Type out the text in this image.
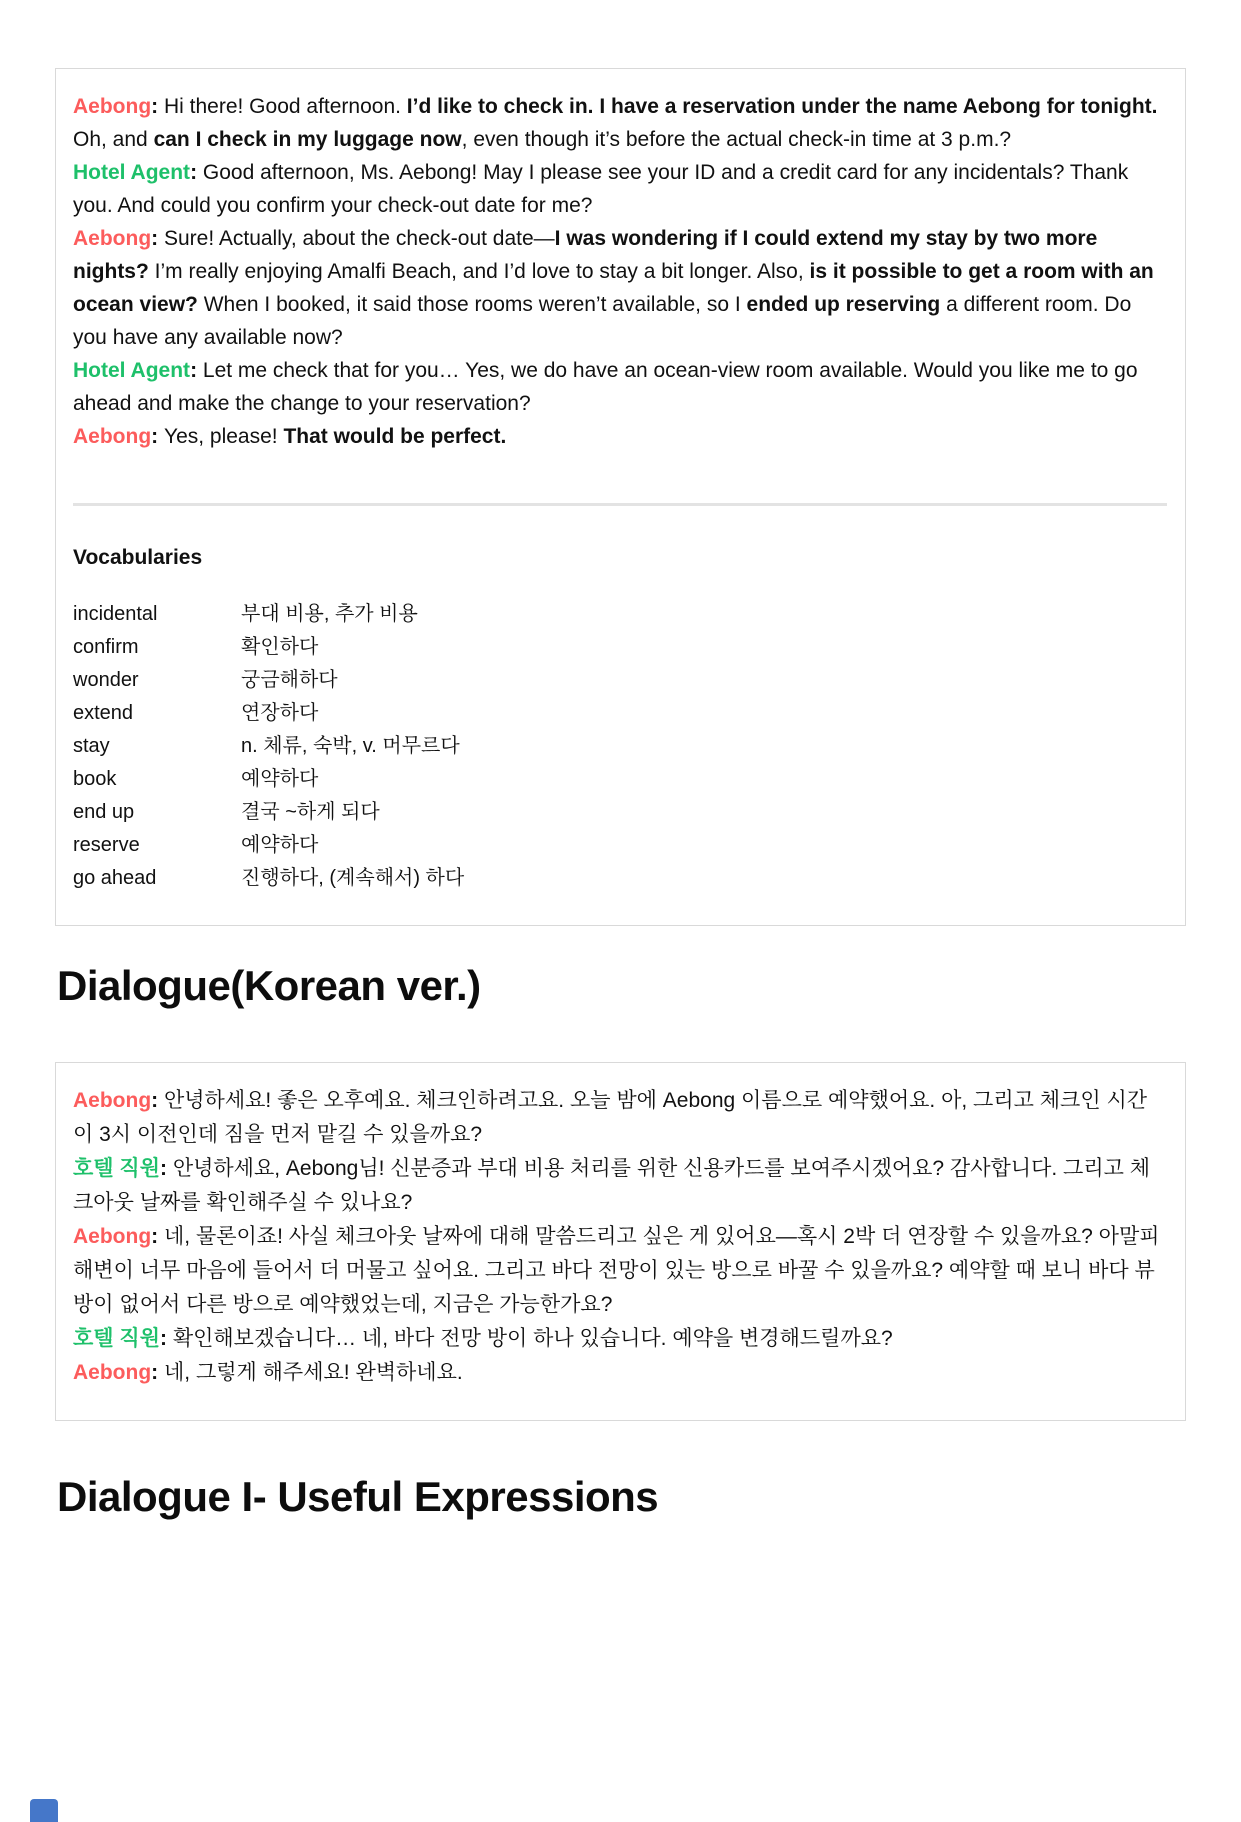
Aebong: Hi there! Good afternoon. I’d like to check in. I have a reservation under the name Aebong for tonight. Oh, and can I check in my luggage now, even though it’s before the actual check-in time at 3 p.m.?

Hotel Agent: Good afternoon, Ms. Aebong! May I please see your ID and a credit card for any incidentals? Thank you. And could you confirm your check-out date for me?

Aebong: Sure! Actually, about the check-out date—I was wondering if I could extend my stay by two more nights? I’m really enjoying Amalfi Beach, and I’d love to stay a bit longer. Also, is it possible to get a room with an ocean view? When I booked, it said those rooms weren’t available, so I ended up reserving a different room. Do you have any available now?

Hotel Agent: Let me check that for you… Yes, we do have an ocean-view room available. Would you like me to go ahead and make the change to your reservation?

Aebong: Yes, please! That would be perfect.

Vocabularies
incidental	부대 비용, 추가 비용
confirm	확인하다
wonder	궁금해하다
extend	연장하다
stay	n. 체류, 숙박, v. 머무르다
book	예약하다
end up	결국 ~하게 되다
reserve	예약하다
go ahead	진행하다, (계속해서) 하다
Dialogue(Korean ver.)

Aebong: 안녕하세요! 좋은 오후예요. 체크인하려고요. 오늘 밤에 Aebong 이름으로 예약했어요. 아, 그리고 체크인 시간이 3시 이전인데 짐을 먼저 맡길 수 있을까요?

호텔 직원: 안녕하세요, Aebong님! 신분증과 부대 비용 처리를 위한 신용카드를 보여주시겠어요? 감사합니다. 그리고 체크아웃 날짜를 확인해주실 수 있나요?

Aebong: 네, 물론이죠! 사실 체크아웃 날짜에 대해 말씀드리고 싶은 게 있어요—혹시 2박 더 연장할 수 있을까요? 아말피 해변이 너무 마음에 들어서 더 머물고 싶어요. 그리고 바다 전망이 있는 방으로 바꿀 수 있을까요? 예약할 때 보니 바다 뷰 방이 없어서 다른 방으로 예약했었는데, 지금은 가능한가요?

호텔 직원: 확인해보겠습니다… 네, 바다 전망 방이 하나 있습니다. 예약을 변경해드릴까요?

Aebong: 네, 그렇게 해주세요! 완벽하네요.

Dialogue I- Useful Expressions
